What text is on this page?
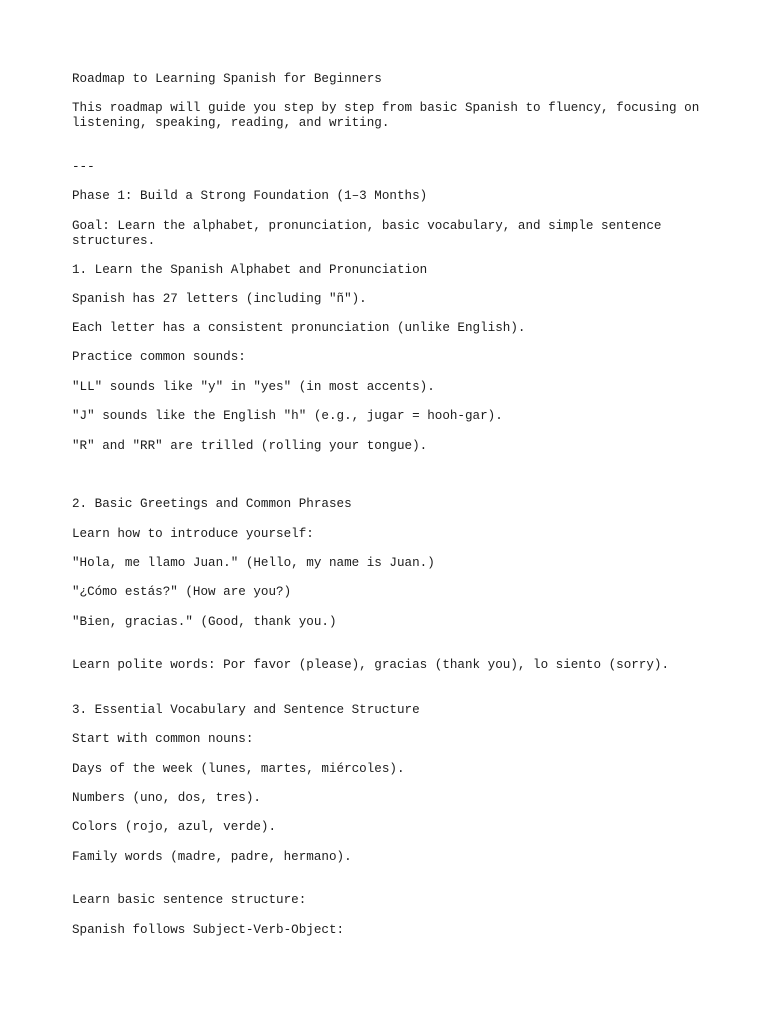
Roadmap to Learning Spanish for Beginners

This roadmap will guide you step by step from basic Spanish to fluency, focusing on listening, speaking, reading, and writing.

---

Phase 1: Build a Strong Foundation (1–3 Months)

Goal: Learn the alphabet, pronunciation, basic vocabulary, and simple sentence structures.

1. Learn the Spanish Alphabet and Pronunciation

Spanish has 27 letters (including "ñ").

Each letter has a consistent pronunciation (unlike English).

Practice common sounds:

"LL" sounds like "y" in "yes" (in most accents).

"J" sounds like the English "h" (e.g., jugar = hooh-gar).

"R" and "RR" are trilled (rolling your tongue).

2. Basic Greetings and Common Phrases

Learn how to introduce yourself:

"Hola, me llamo Juan." (Hello, my name is Juan.)

"¿Cómo estás?" (How are you?)

"Bien, gracias." (Good, thank you.)

Learn polite words: Por favor (please), gracias (thank you), lo siento (sorry).

3. Essential Vocabulary and Sentence Structure

Start with common nouns:

Days of the week (lunes, martes, miércoles).

Numbers (uno, dos, tres).

Colors (rojo, azul, verde).

Family words (madre, padre, hermano).

Learn basic sentence structure:

Spanish follows Subject-Verb-Object:
